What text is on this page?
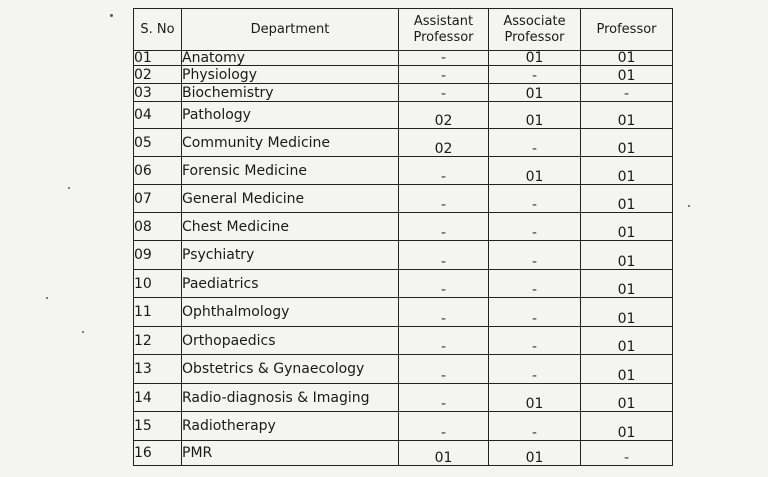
S. No	Department	Assistant Professor	Associate Professor	Professor
01	Anatomy	-	01	01
02	Physiology	-	-	01
03	Biochemistry	-	01	-
04	Pathology	02	01	01
05	Community Medicine	02	-	01
06	Forensic Medicine	-	01	01
07	General Medicine	-	-	01
08	Chest Medicine	-	-	01
09	Psychiatry	-	-	01
10	Paediatrics	-	-	01
11	Ophthalmology	-	-	01
12	Orthopaedics	-	-	01
13	Obstetrics & Gynaecology	-	-	01
14	Radio-diagnosis & Imaging	-	01	01
15	Radiotherapy	-	-	01
16	PMR	01	01	-
